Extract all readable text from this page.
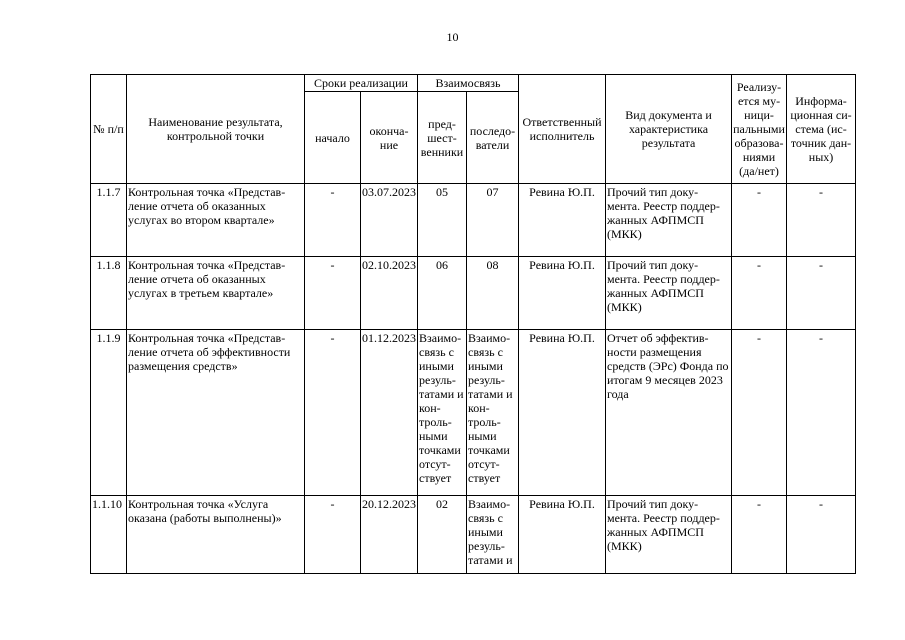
10
№ п/п	Наименование результата, контрольной точки	Сроки реализации		Взаимосвязь		Ответственный исполнитель	Вид документа и характеристика результата	Реализу-ется му-ници-пальными образова-ниями (да/нет)	Информа-ционная си-стема (ис-точник дан-ных)
		начало	оконча-ние	пред-шест-венники	последо-ватели				
1.1.7	Контрольная точка «Представ-ление отчета об оказанных услугах во втором квартале»	-	03.07.2023	05	07	Ревина Ю.П.	Прочий тип доку-мента. Реестр поддер-жанных АФПМСП (МКК)	-	-
1.1.8	Контрольная точка «Представ-ление отчета об оказанных услугах в третьем квартале»	-	02.10.2023	06	08	Ревина Ю.П.	Прочий тип доку-мента. Реестр поддер-жанных АФПМСП (МКК)	-	-
1.1.9	Контрольная точка «Представ-ление отчета об эффективности размещения средств»	-	01.12.2023	Взаимо-связь с иными резуль-татами и кон-троль-ными точками отсут-ствует	Взаимо-связь с иными резуль-татами и кон-троль-ными точками отсут-ствует	Ревина Ю.П.	Отчет об эффектив-ности размещения средств (ЭРс) Фонда по итогам 9 месяцев 2023 года	-	-
1.1.10	Контрольная точка «Услуга оказана (работы выполнены)»	-	20.12.2023	02	Взаимо-связь с иными резуль-татами и	Ревина Ю.П.	Прочий тип доку-мента. Реестр поддер-жанных АФПМСП (МКК)	-	-
